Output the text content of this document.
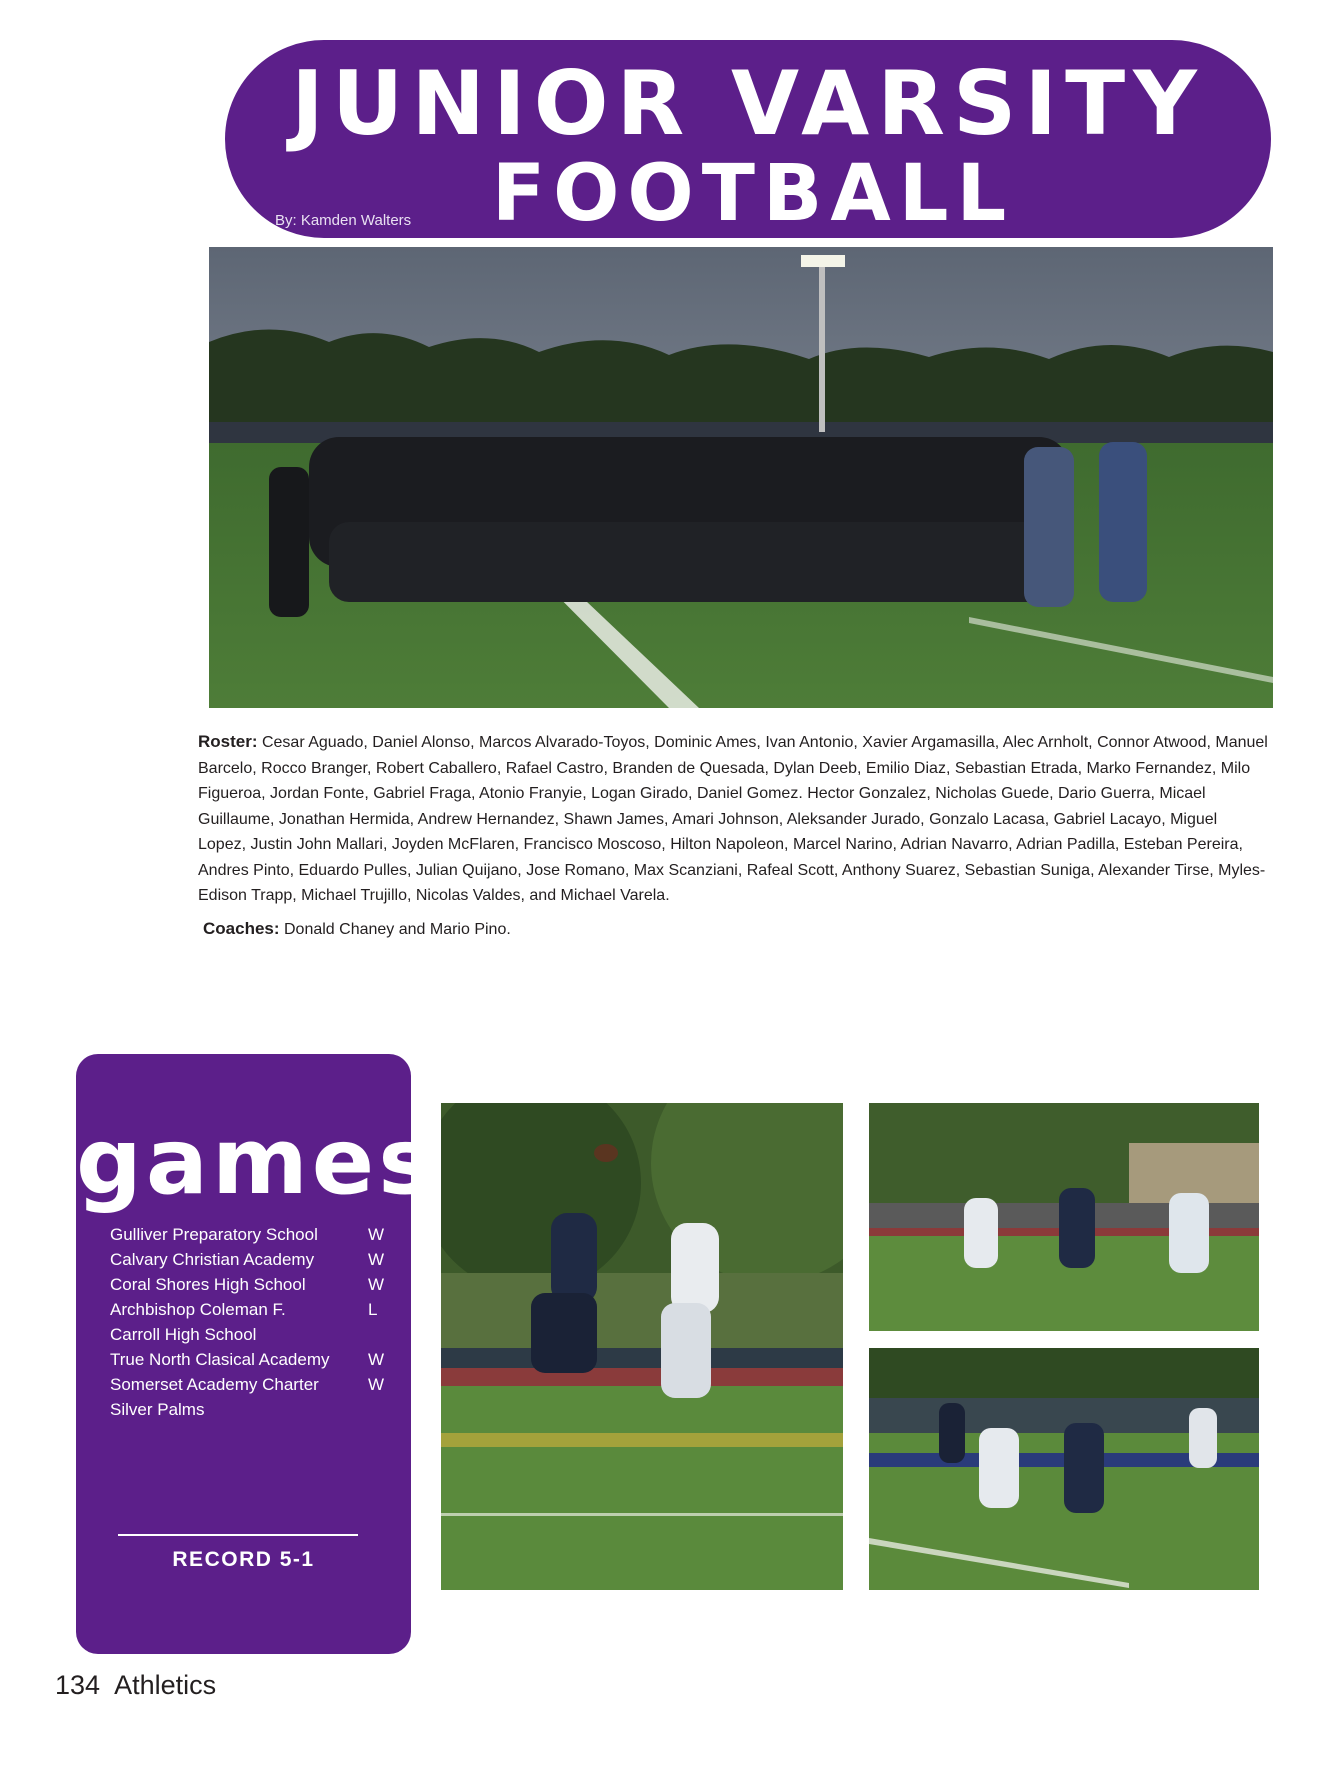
JUNIOR VARSITY
FOOTBALL
By: Kamden Walters
Roster: Cesar Aguado, Daniel Alonso, Marcos Alvarado-Toyos, Dominic Ames, Ivan Antonio, Xavier Argamasilla, Alec Arnholt, Connor Atwood, Manuel Barcelo, Rocco Branger, Robert Caballero, Rafael Castro, Branden de Quesada, Dylan Deeb, Emilio Diaz, Sebastian Etrada, Marko Fernandez, Milo Figueroa, Jordan Fonte, Gabriel Fraga, Atonio Franyie, Logan Girado, Daniel Gomez. Hector Gonzalez, Nicholas Guede, Dario Guerra, Micael Guillaume, Jonathan Hermida, Andrew Hernandez, Shawn James, Amari Johnson, Aleksander Jurado, Gonzalo Lacasa, Gabriel Lacayo, Miguel Lopez, Justin John Mallari, Joyden McFlaren, Francisco Moscoso, Hilton Napoleon, Marcel Narino, Adrian Navarro, Adrian Padilla, Esteban Pereira, Andres Pinto, Eduardo Pulles, Julian Quijano, Jose Romano, Max Scanziani, Rafeal Scott, Anthony Suarez, Sebastian Suniga, Alexander Tirse, Myles-Edison Trapp, Michael Trujillo, Nicolas Valdes, and Michael Varela.
Coaches: Donald Chaney and Mario Pino.
games
Gulliver Preparatory School	W
Calvary Christian Academy	W
Coral Shores High School	W
Archbishop Coleman F.	L
Carroll High School
True North Clasical Academy	W
Somerset Academy Charter	W
Silver Palms
RECORD 5-1
134 Athletics
